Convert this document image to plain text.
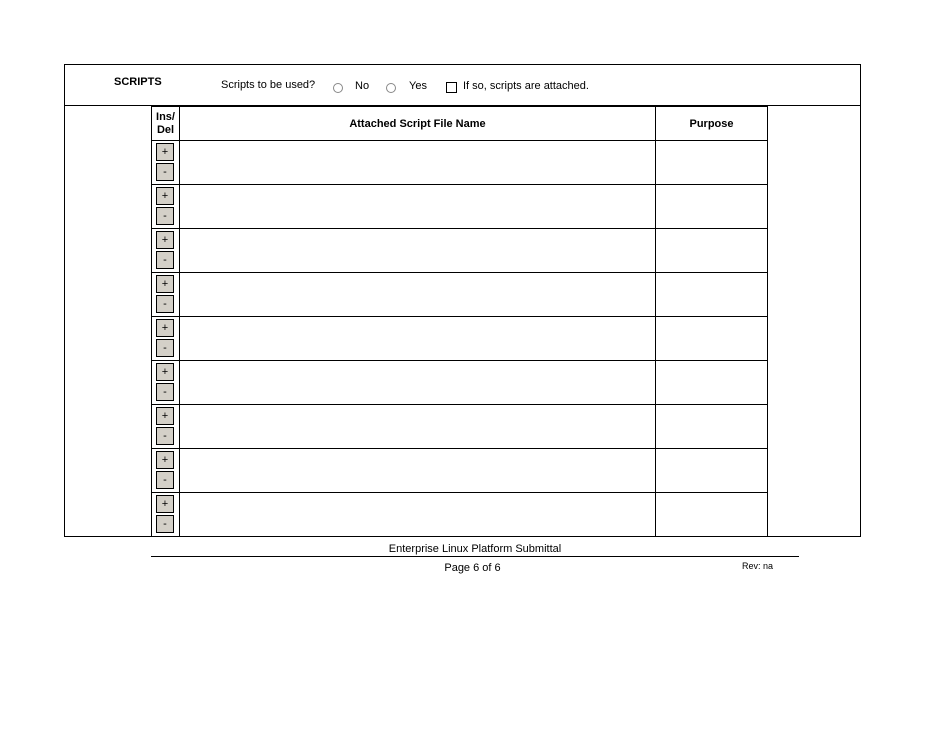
SCRIPTS	Scripts to be used?	No	Yes	If so, scripts are attached.
Ins/ Del	Attached Script File Name	Purpose

+
-		

+
-		

+
-		

+
-		

+
-		

+
-		

+
-		

+
-		

+
-		

Enterprise Linux Platform Submittal
Page 6 of 6	Rev: na
